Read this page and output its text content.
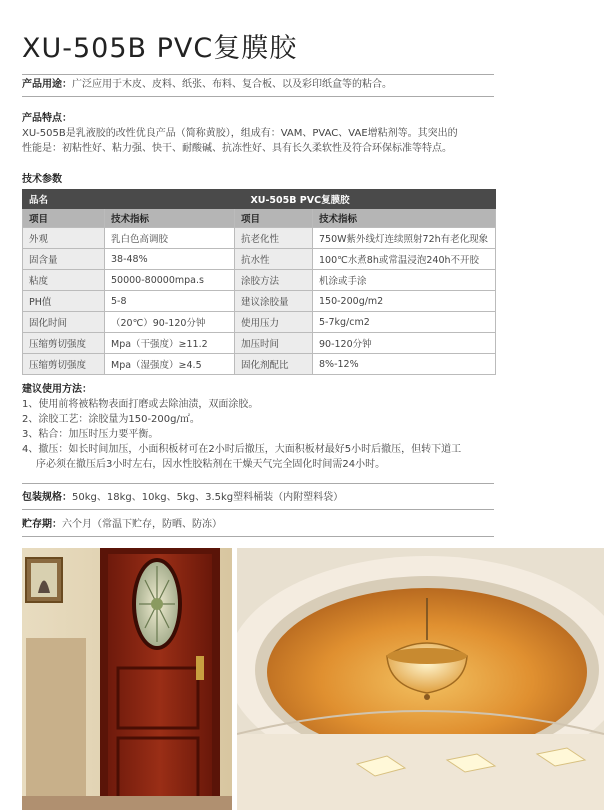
XU-505B PVC复膜胶
产品用途：广泛应用于木皮、皮料、纸张、布料、复合板、以及彩印纸盒等的粘合。
产品特点：
XU-505B是乳液胶的改性优良产品（简称黄胶），组成有：VAM、PVAC、VAE增粘剂等。其突出的
性能是：初粘性好、粘力强、快干、耐酸碱、抗冻性好、具有长久柔软性及符合环保标准等特点。
技术参数
品名	XU-505B PVC复膜胶		
项目	技术指标	项目	技术指标
外观	乳白色高调胶	抗老化性	750W紫外线灯连续照射72h有老化现象
固含量	38-48%	抗水性	100℃水煮8h或常温浸泡240h不开胶
粘度	50000-80000mpa.s	涂胶方法	机涂或手涂
PH值	5-8	建议涂胶量	150-200g/m2
固化时间	（20℃）90-120分钟	使用压力	5-7kg/cm2
压缩剪切强度	Mpa（干强度）≥11.2	加压时间	90-120分钟
压缩剪切强度	Mpa（湿强度）≥4.5	固化剂配比	8%-12%
建议使用方法：
1、使用前将被粘物表面打磨或去除油渍，双面涂胶。
2、涂胶工艺：涂胶量为150-200g/㎡。
3、粘合：加压时压力要平衡。
4、撤压：如长时间加压，小面积板材可在2小时后撤压，大面积板材最好5小时后撤压，但转下道工
序必须在撤压后3小时左右，因水性胶粘剂在干燥天气完全固化时间需24小时。
包装规格：50kg、18kg、10kg、5kg、3.5kg塑料桶装（内附塑料袋）
贮存期：六个月（常温下贮存，防晒、防冻）
